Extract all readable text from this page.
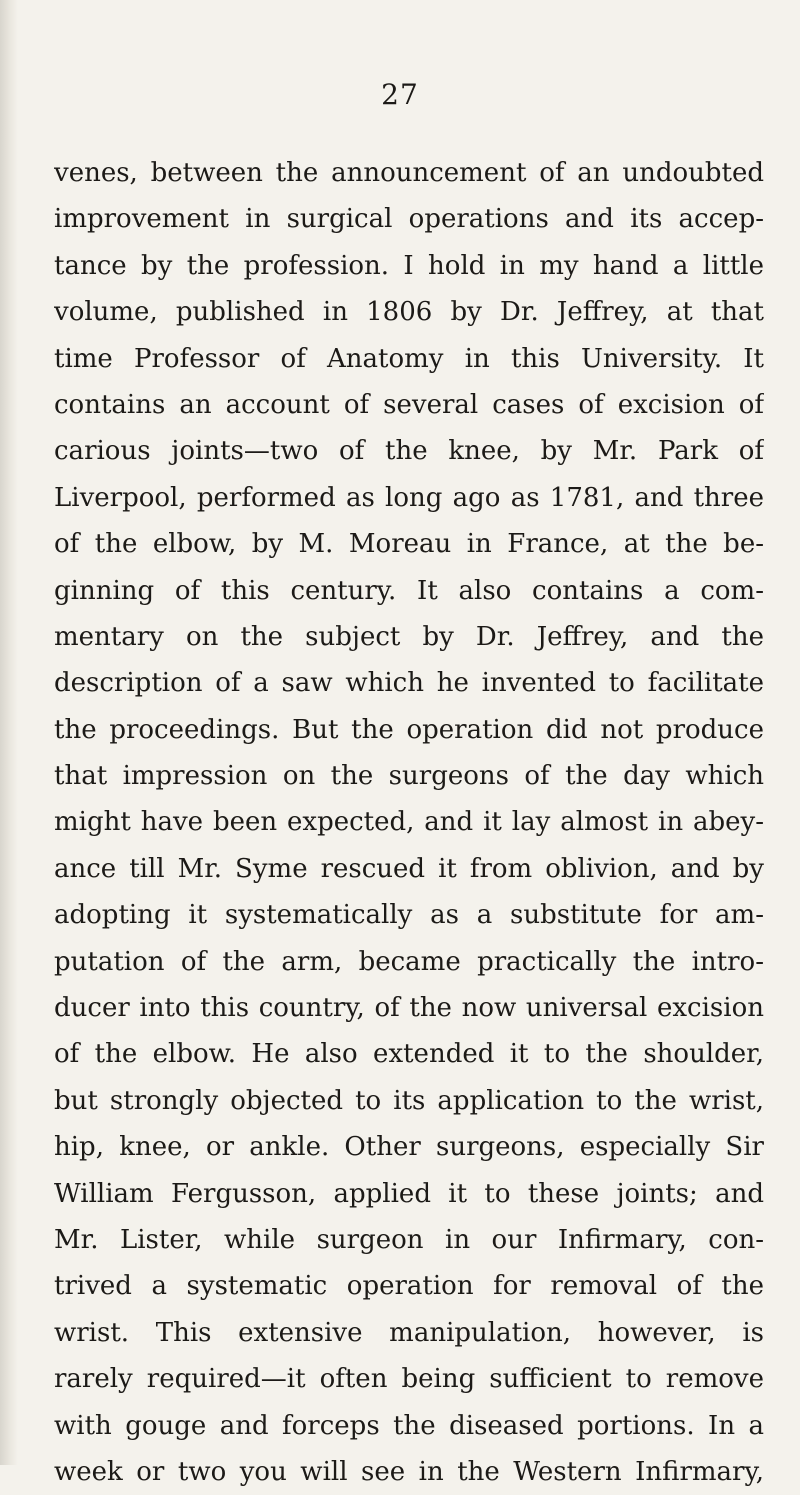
27
venes, between the announcement of an undoubted
improvement in surgical operations and its accep-
tance by the profession. I hold in my hand a little
volume, published in 1806 by Dr. Jeffrey, at that
time Professor of Anatomy in this University. It
contains an account of several cases of excision of
carious joints—two of the knee, by Mr. Park of
Liverpool, performed as long ago as 1781, and three
of the elbow, by M. Moreau in France, at the be-
ginning of this century. It also contains a com-
mentary on the subject by Dr. Jeffrey, and the
description of a saw which he invented to facilitate
the proceedings. But the operation did not produce
that impression on the surgeons of the day which
might have been expected, and it lay almost in abey-
ance till Mr. Syme rescued it from oblivion, and by
adopting it systematically as a substitute for am-
putation of the arm, became practically the intro-
ducer into this country, of the now universal excision
of the elbow. He also extended it to the shoulder,
but strongly objected to its application to the wrist,
hip, knee, or ankle. Other surgeons, especially Sir
William Fergusson, applied it to these joints; and
Mr. Lister, while surgeon in our Infirmary, con-
trived a systematic operation for removal of the
wrist. This extensive manipulation, however, is
rarely required—it often being sufficient to remove
with gouge and forceps the diseased portions. In a
week or two you will see in the Western Infirmary,
